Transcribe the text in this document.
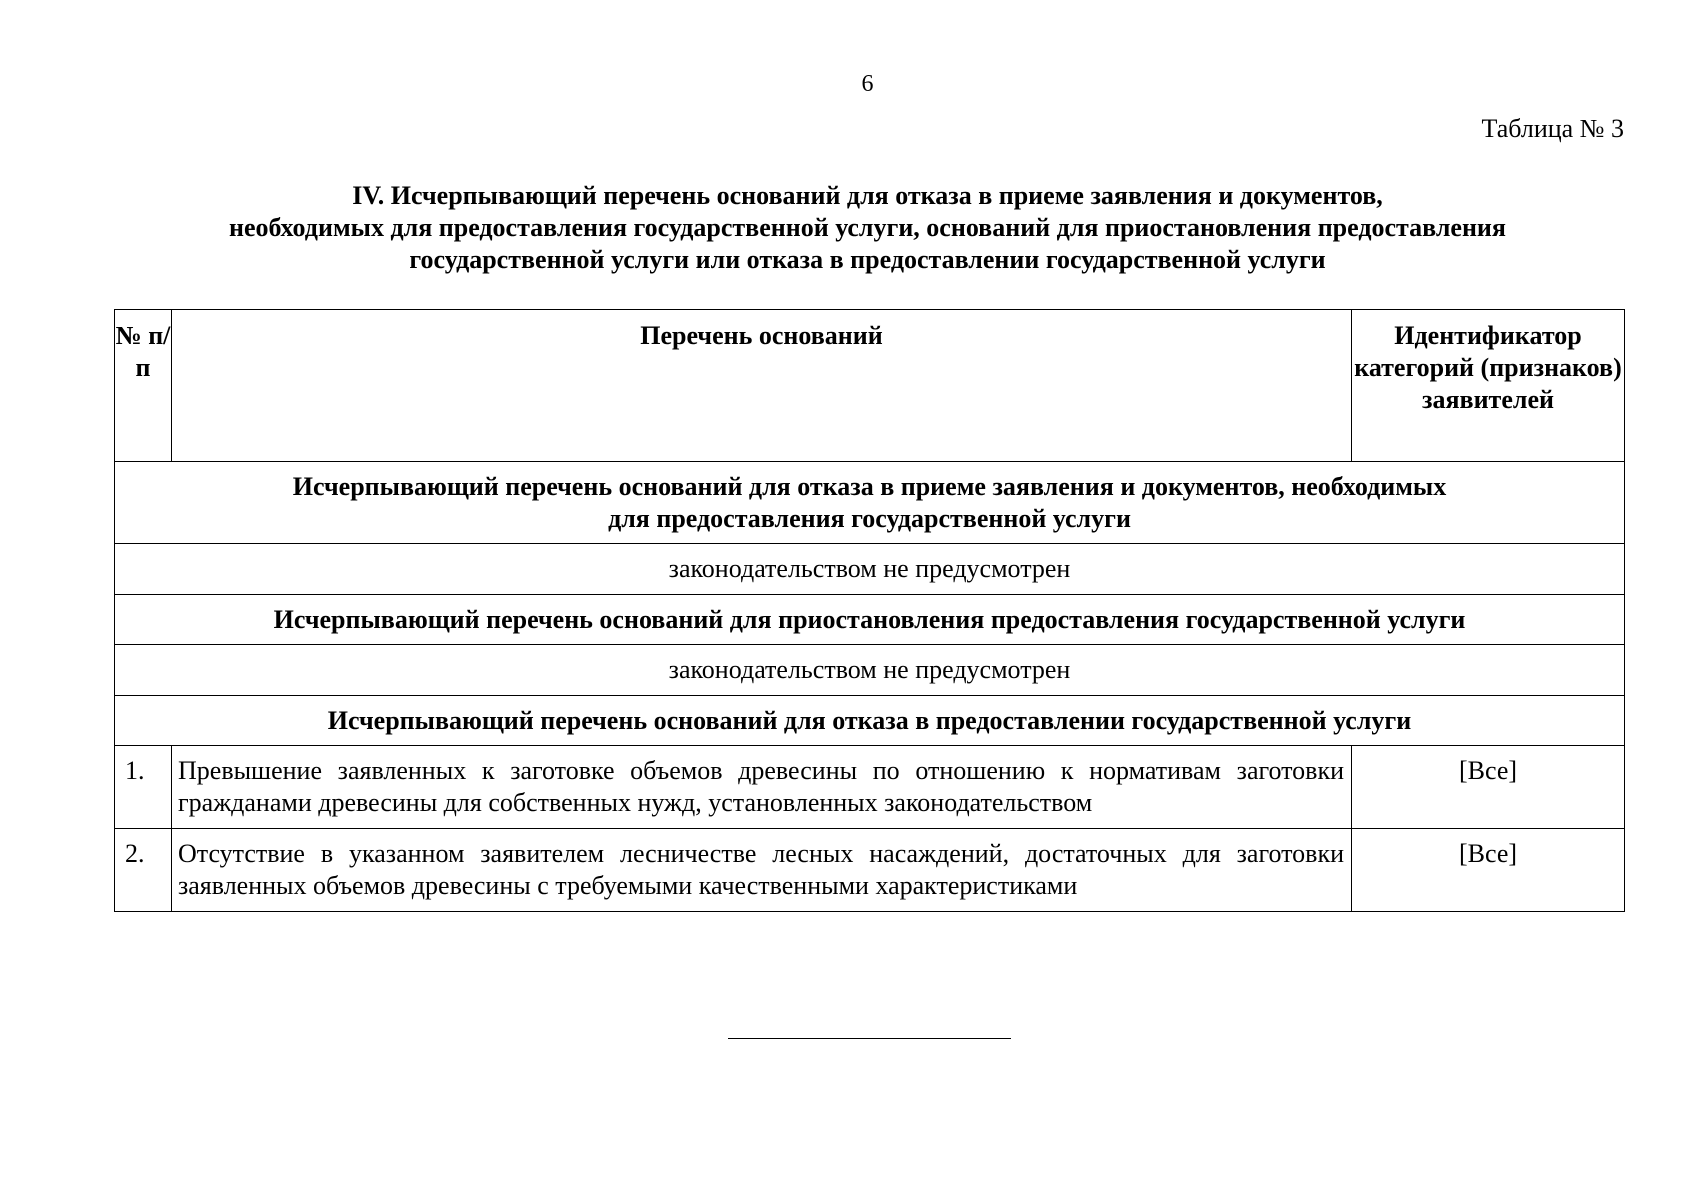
6
Таблица № 3
IV. Исчерпывающий перечень оснований для отказа в приеме заявления и документов,
необходимых для предоставления государственной услуги, оснований для приостановления предоставления
государственной услуги или отказа в предоставлении государственной услуги
№ п/п	Перечень оснований	Идентификатор категорий (признаков) заявителей

Исчерпывающий перечень оснований для отказа в приеме заявления и документов, необходимых
для предоставления государственной услуги		

законодательством не предусмотрен		

Исчерпывающий перечень оснований для приостановления предоставления государственной услуги		

законодательством не предусмотрен		

Исчерпывающий перечень оснований для отказа в предоставлении государственной услуги		

1.	Превышение заявленных к заготовке объемов древесины по отношению к нормативам заготовки гражданами древесины для собственных нужд, установленных законодательством	[Все]
2.	Отсутствие в указанном заявителем лесничестве лесных насаждений, достаточных для заготовки заявленных объемов древесины с требуемыми качественными характеристиками	[Все]
